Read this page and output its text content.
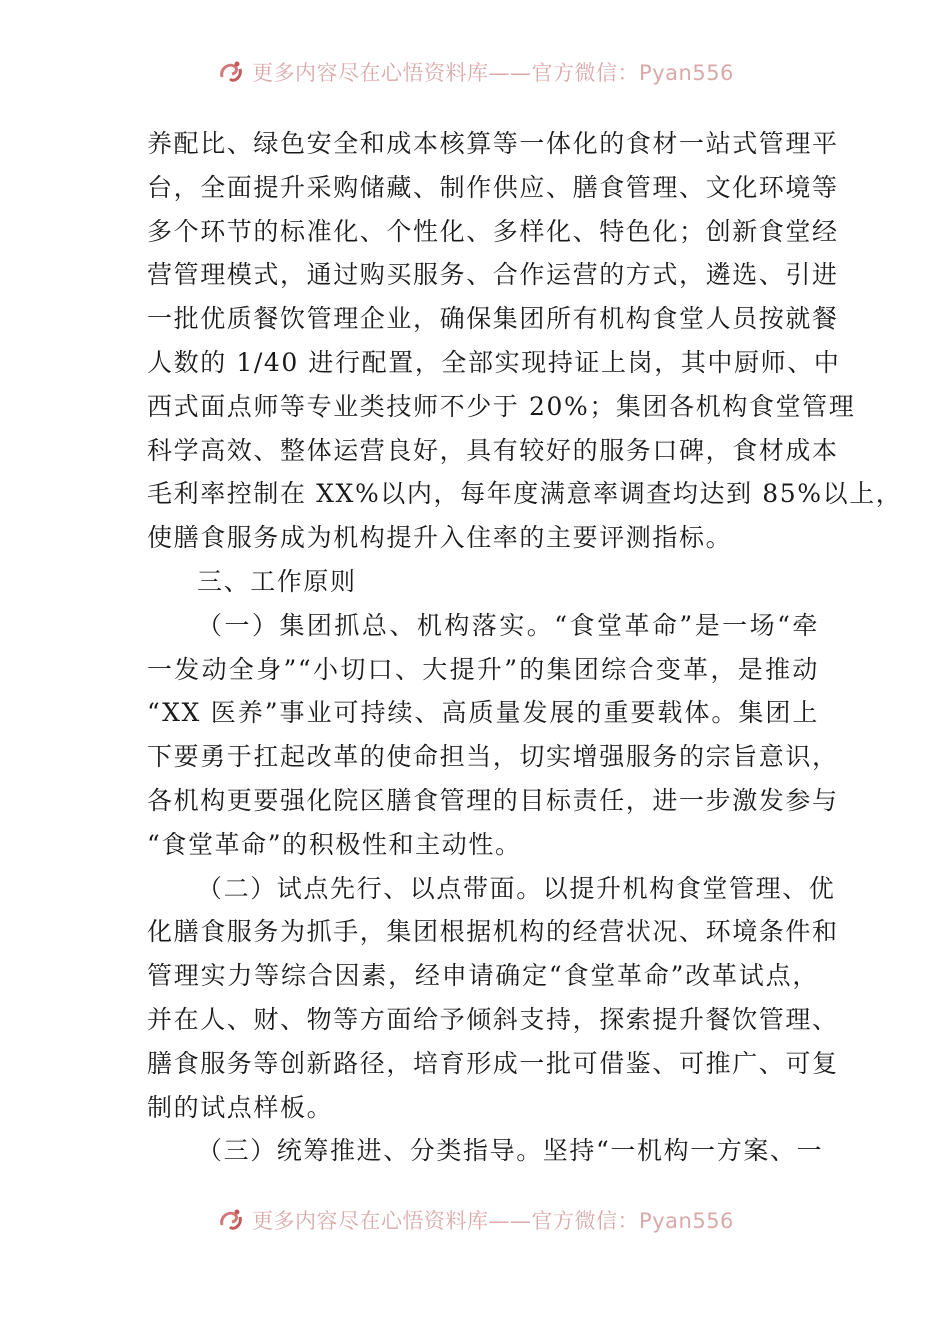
更多内容尽在心悟资料库——官方微信：Pyan556
养配比、绿色安全和成本核算等一体化的食材一站式管理平
台，全面提升采购储藏、制作供应、膳食管理、文化环境等
多个环节的标准化、个性化、多样化、特色化；创新食堂经
营管理模式，通过购买服务、合作运营的方式，遴选、引进
一批优质餐饮管理企业，确保集团所有机构食堂人员按就餐
人数的 1/40 进行配置，全部实现持证上岗，其中厨师、中
西式面点师等专业类技师不少于 20%；集团各机构食堂管理
科学高效、整体运营良好，具有较好的服务口碑，食材成本
毛利率控制在 XX%以内，每年度满意率调查均达到 85%以上，
使膳食服务成为机构提升入住率的主要评测指标。
三、工作原则
（一）集团抓总、机构落实。“食堂革命”是一场“牵
一发动全身”“小切口、大提升”的集团综合变革，是推动
“XX 医养”事业可持续、高质量发展的重要载体。集团上
下要勇于扛起改革的使命担当，切实增强服务的宗旨意识，
各机构更要强化院区膳食管理的目标责任，进一步激发参与
“食堂革命”的积极性和主动性。
（二）试点先行、以点带面。以提升机构食堂管理、优
化膳食服务为抓手，集团根据机构的经营状况、环境条件和
管理实力等综合因素，经申请确定“食堂革命”改革试点，
并在人、财、物等方面给予倾斜支持，探索提升餐饮管理、
膳食服务等创新路径，培育形成一批可借鉴、可推广、可复
制的试点样板。
（三）统筹推进、分类指导。坚持“一机构一方案、一
更多内容尽在心悟资料库——官方微信：Pyan556
